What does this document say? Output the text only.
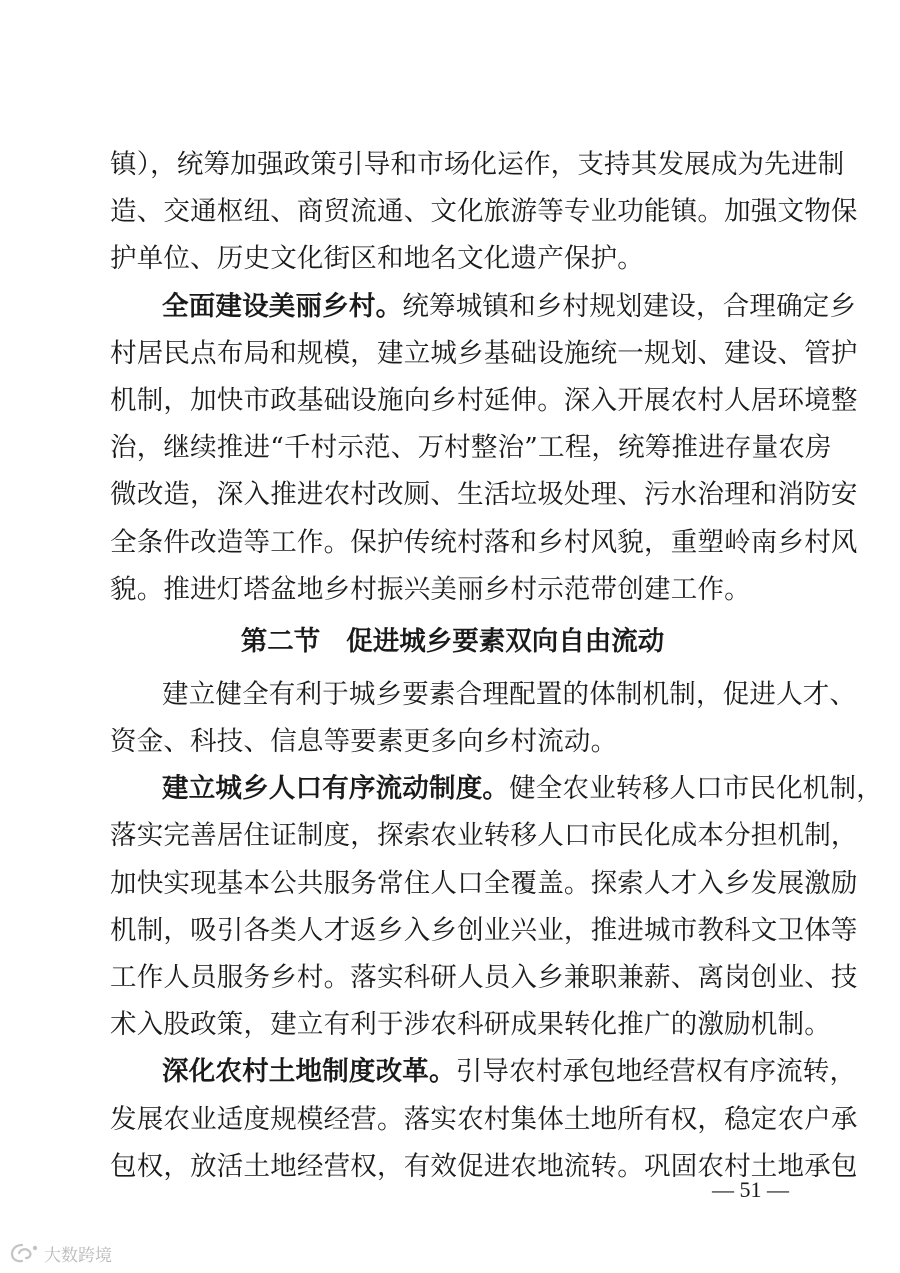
镇），统筹加强政策引导和市场化运作，支持其发展成为先进制
造、交通枢纽、商贸流通、文化旅游等专业功能镇。加强文物保
护单位、历史文化街区和地名文化遗产保护。
全面建设美丽乡村。统筹城镇和乡村规划建设，合理确定乡
村居民点布局和规模，建立城乡基础设施统一规划、建设、管护
机制，加快市政基础设施向乡村延伸。深入开展农村人居环境整
治，继续推进“千村示范、万村整治”工程，统筹推进存量农房
微改造，深入推进农村改厕、生活垃圾处理、污水治理和消防安
全条件改造等工作。保护传统村落和乡村风貌，重塑岭南乡村风
貌。推进灯塔盆地乡村振兴美丽乡村示范带创建工作。
第二节 促进城乡要素双向自由流动
建立健全有利于城乡要素合理配置的体制机制，促进人才、
资金、科技、信息等要素更多向乡村流动。
建立城乡人口有序流动制度。健全农业转移人口市民化机制，
落实完善居住证制度，探索农业转移人口市民化成本分担机制，
加快实现基本公共服务常住人口全覆盖。探索人才入乡发展激励
机制，吸引各类人才返乡入乡创业兴业，推进城市教科文卫体等
工作人员服务乡村。落实科研人员入乡兼职兼薪、离岗创业、技
术入股政策，建立有利于涉农科研成果转化推广的激励机制。
深化农村土地制度改革。引导农村承包地经营权有序流转，
发展农业适度规模经营。落实农村集体土地所有权，稳定农户承
包权，放活土地经营权，有效促进农地流转。巩固农村土地承包
— 51 —
大数跨境
